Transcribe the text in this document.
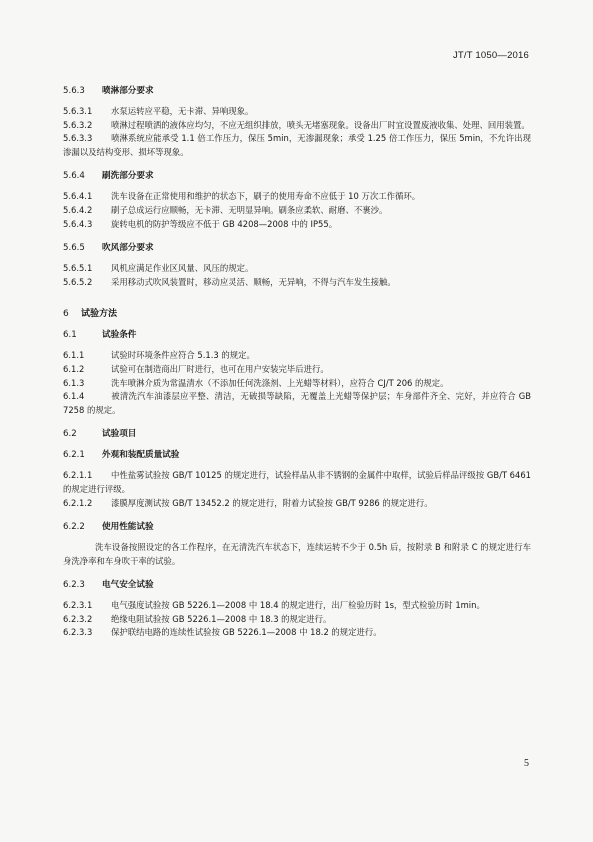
JT/T 1050—2016
5.6.3 喷淋部分要求
5.6.3.1 水泵运转应平稳，无卡滞、异响现象。
5.6.3.2 喷淋过程喷洒的液体应均匀，不应无组织排放，喷头无堵塞现象。设备出厂时宜设置废液收集、处理、回用装置。
5.6.3.3 喷淋系统应能承受 1.1 倍工作压力，保压 5min，无渗漏现象；承受 1.25 倍工作压力，保压 5min，不允许出现渗漏以及结构变形、损坏等现象。
5.6.4 刷洗部分要求
5.6.4.1 洗车设备在正常使用和维护的状态下，刷子的使用寿命不应低于 10 万次工作循环。
5.6.4.2 刷子总成运行应顺畅，无卡滞、无明显异响。刷条应柔软、耐磨、不裹沙。
5.6.4.3 旋转电机的防护等级应不低于 GB 4208—2008 中的 IP55。
5.6.5 吹风部分要求
5.6.5.1 风机应满足作业区风量、风压的规定。
5.6.5.2 采用移动式吹风装置时，移动应灵活、顺畅，无异响，不得与汽车发生接触。
6 试验方法
6.1	试验条件
6.1.1	试验时环境条件应符合 5.1.3 的规定。
6.1.2	试验可在制造商出厂时进行，也可在用户安装完毕后进行。
6.1.3	洗车喷淋介质为常温清水（不添加任何洗涤剂、上光蜡等材料），应符合 CJ/T 206 的规定。
6.1.4	被清洗汽车油漆层应平整、清洁，无破损等缺陷，无覆盖上光蜡等保护层；车身部件齐全、完好，并应符合 GB 7258 的规定。
6.2	试验项目
6.2.1 外观和装配质量试验
6.2.1.1 中性盐雾试验按 GB/T 10125 的规定进行，试验样品从非不锈钢的金属件中取样，试验后样品评级按 GB/T 6461 的规定进行评级。
6.2.1.2 漆膜厚度测试按 GB/T 13452.2 的规定进行，附着力试验按 GB/T 9286 的规定进行。
6.2.2 使用性能试验
洗车设备按照设定的各工作程序，在无清洗汽车状态下，连续运转不少于 0.5h 后，按附录 B 和附录 C 的规定进行车身洗净率和车身吹干率的试验。
6.2.3 电气安全试验
6.2.3.1 电气强度试验按 GB 5226.1—2008 中 18.4 的规定进行，出厂检验历时 1s，型式检验历时 1min。
6.2.3.2 绝缘电阻试验按 GB 5226.1—2008 中 18.3 的规定进行。
6.2.3.3 保护联结电路的连续性试验按 GB 5226.1—2008 中 18.2 的规定进行。
5
